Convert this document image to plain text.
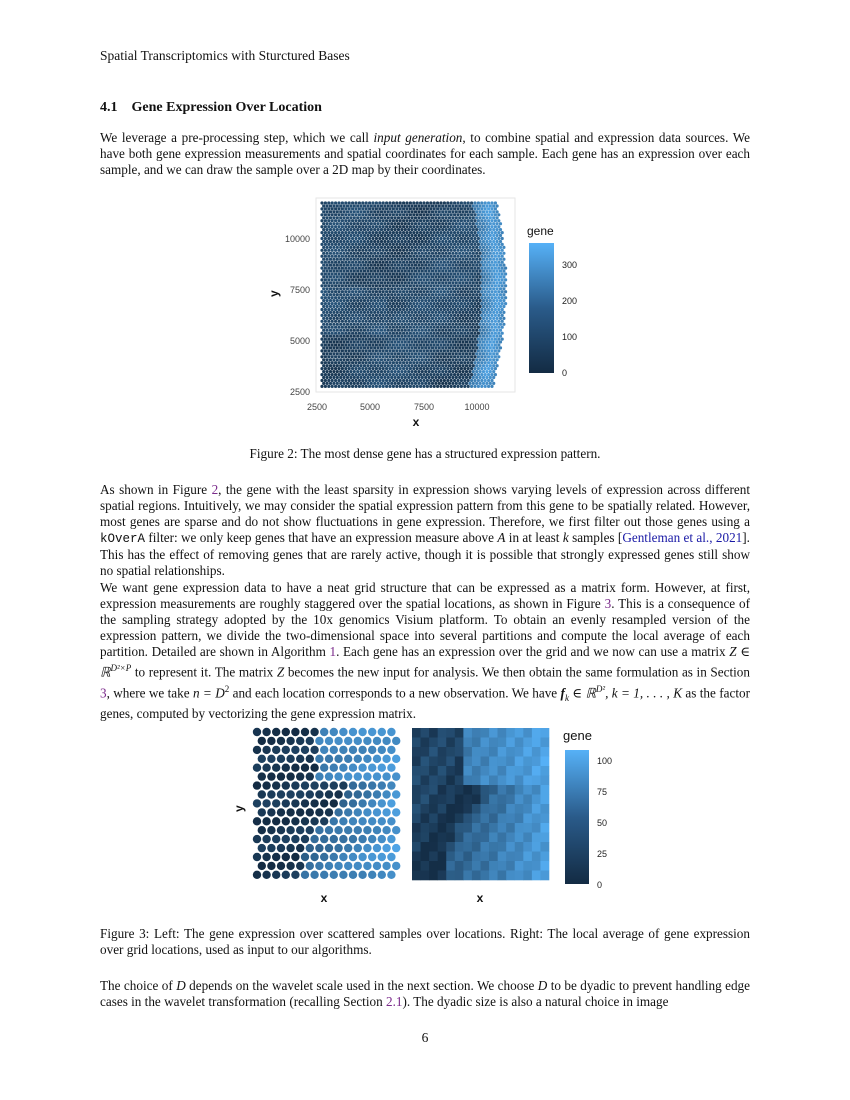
Spatial Transcriptomics with Sturctured Bases
4.1 Gene Expression Over Location

We leverage a pre-processing step, which we call input generation, to combine spatial and expression data sources. We have both gene expression measurements and spatial coordinates for each sample. Each gene has an expression over each sample, and we can draw the sample over a 2D map by their coordinates.

10000
7500
5000
2500
y
2500	5000	7500	10000
x
gene
300
200
100
0
Figure 2: The most dense gene has a structured expression pattern.

As shown in Figure 2, the gene with the least sparsity in expression shows varying levels of expression across different spatial regions. Intuitively, we may consider the spatial expression pattern from this gene to be spatially related. However, most genes are sparse and do not show fluctuations in gene expression. Therefore, we first filter out those genes using a kOverA filter: we only keep genes that have an expression measure above A in at least k samples [Gentleman et al., 2021]. This has the effect of removing genes that are rarely active, though it is possible that strongly expressed genes still show no spatial relationships.

We want gene expression data to have a neat grid structure that can be expressed as a matrix form. However, at first, expression measurements are roughly staggered over the spatial locations, as shown in Figure 3. This is a consequence of the sampling strategy adopted by the 10x genomics Visium platform. To obtain an evenly resampled version of the expression pattern, we divide the two-dimensional space into several partitions and compute the local average of each partition. Detailed are shown in Algorithm 1. Each gene has an expression over the grid and we now can use a matrix Z ∈ ℝ$^{D^2\times P}$ to represent it. The matrix Z becomes the new input for analysis. We then obtain the same formulation as in Section 3, where we take $n = D^2$ and each location corresponds to a new observation. We have $f_k$ ∈ ℝ$^{D^2}$, k = 1, . . . , K as the factor genes, computed by vectorizing the gene expression matrix.

y
x	x
gene
100
75
50
25
0
Figure 3: Left: The gene expression over scattered samples over locations. Right: The local average of gene expression over grid locations, used as input to our algorithms.

The choice of D depends on the wavelet scale used in the next section. We choose D to be dyadic to prevent handling edge cases in the wavelet transformation (recalling Section 2.1). The dyadic size is also a natural choice in image

6
